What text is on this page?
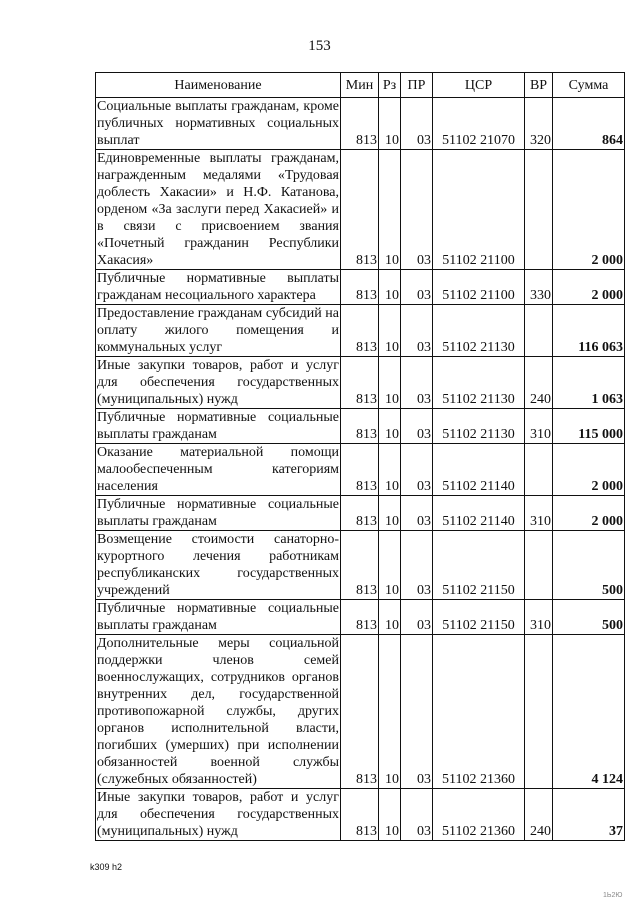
153
Наименование	Мин	Рз	ПР	ЦСР	ВР	Сумма
Социальные выплаты гражданам, кроме публичных нормативных социальных выплат	813	10	03	51102 21070	320	864
Единовременные выплаты гражданам, награжденным медалями «Трудовая доблесть Хакасии» и Н.Ф. Катанова, орденом «За заслуги перед Хакасией» и в связи с присвоением звания «Почетный гражданин Республики Хакасия»	813	10	03	51102 21100		2 000
Публичные нормативные выплаты гражданам несоциального характера	813	10	03	51102 21100	330	2 000
Предоставление гражданам субсидий на оплату жилого помещения и коммунальных услуг	813	10	03	51102 21130		116 063
Иные закупки товаров, работ и услуг для обеспечения государственных (муниципальных) нужд	813	10	03	51102 21130	240	1 063
Публичные нормативные социальные выплаты гражданам	813	10	03	51102 21130	310	115 000
Оказание материальной помощи малообеспеченным категориям населения	813	10	03	51102 21140		2 000
Публичные нормативные социальные выплаты гражданам	813	10	03	51102 21140	310	2 000
Возмещение стоимости санаторно-курортного лечения работникам республиканских государственных учреждений	813	10	03	51102 21150		500
Публичные нормативные социальные выплаты гражданам	813	10	03	51102 21150	310	500
Дополнительные меры социальной поддержки членов семей военнослужащих, сотрудников органов внутренних дел, государственной противопожарной службы, других органов исполнительной власти, погибших (умерших) при исполнении обязанностей военной службы (служебных обязанностей)	813	10	03	51102 21360		4 124
Иные закупки товаров, работ и услуг для обеспечения государственных (муниципальных) нужд	813	10	03	51102 21360	240	37
k309 h2
1Ь2Ю
